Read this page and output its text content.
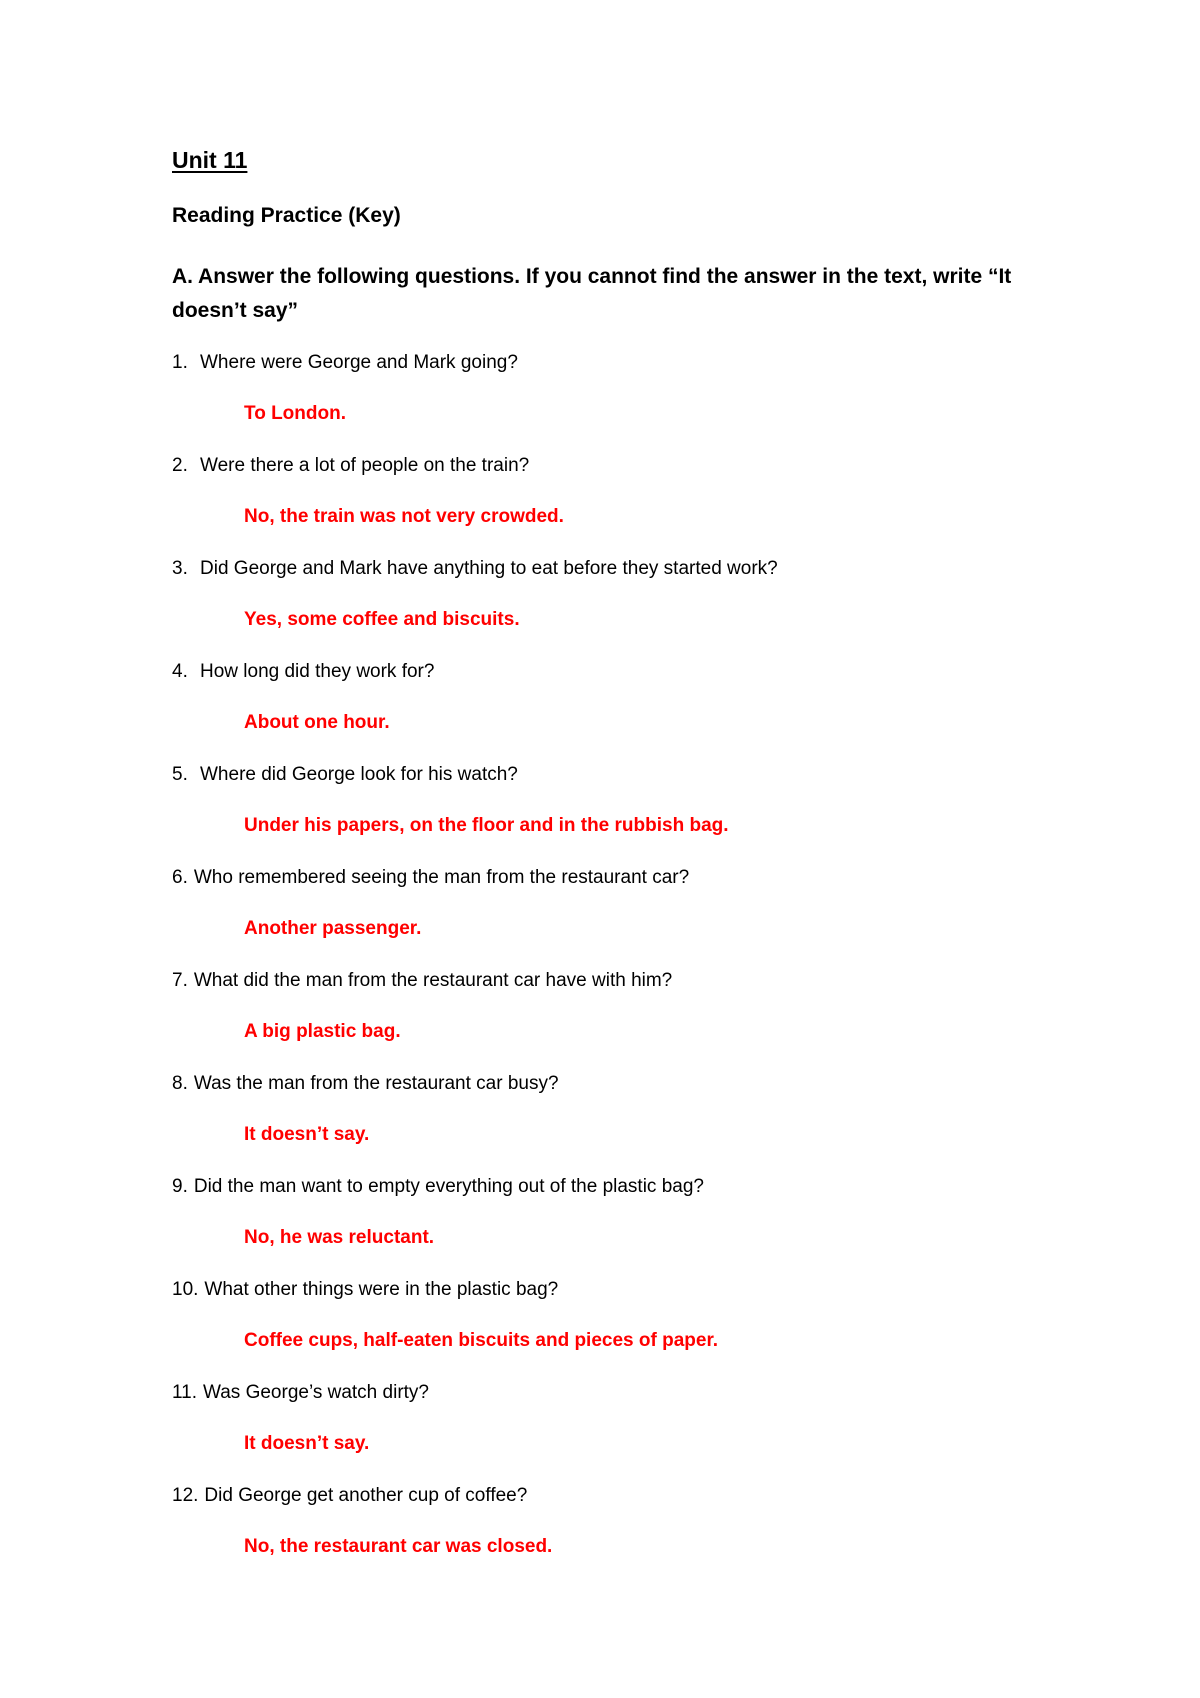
Unit 11
Reading Practice (Key)
A. Answer the following questions. If you cannot find the answer in the text, write “It doesn’t say”
1. Where were George and Mark going?
To London.
2. Were there a lot of people on the train?
No, the train was not very crowded.
3. Did George and Mark have anything to eat before they started work?
Yes, some coffee and biscuits.
4. How long did they work for?
About one hour.
5. Where did George look for his watch?
Under his papers, on the floor and in the rubbish bag.
6. Who remembered seeing the man from the restaurant car?
Another passenger.
7. What did the man from the restaurant car have with him?
A big plastic bag.
8. Was the man from the restaurant car busy?
It doesn’t say.
9. Did the man want to empty everything out of the plastic bag?
No, he was reluctant.
10. What other things were in the plastic bag?
Coffee cups, half-eaten biscuits and pieces of paper.
11. Was George’s watch dirty?
It doesn’t say.
12. Did George get another cup of coffee?
No, the restaurant car was closed.
